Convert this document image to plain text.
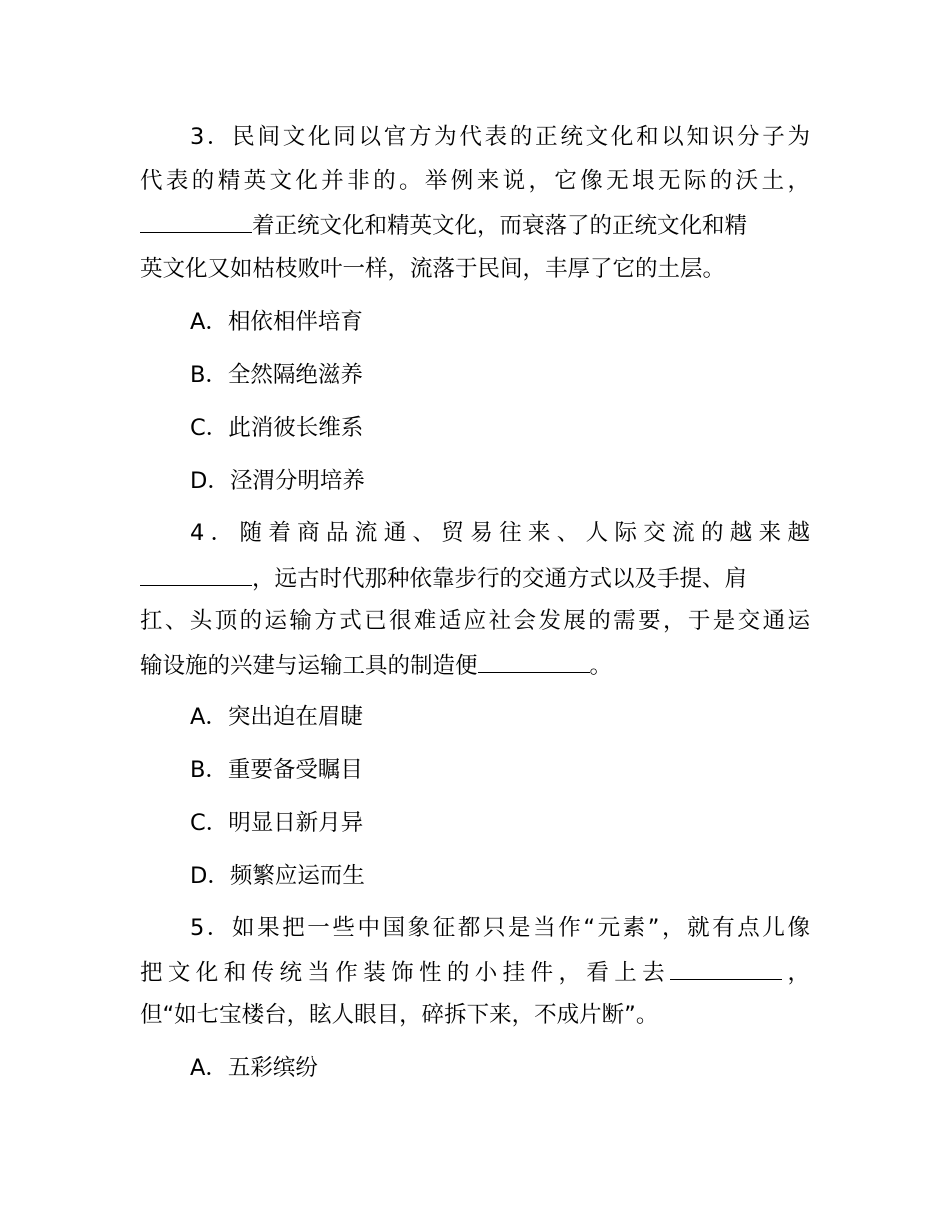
3．民间文化同以官方为代表的正统文化和以知识分子为
代表的精英文化并非的。举例来说，它像无垠无际的沃土，
着正统文化和精英文化，而衰落了的正统文化和精
英文化又如枯枝败叶一样，流落于民间，丰厚了它的土层。
A．相依相伴培育
B．全然隔绝滋养
C．此消彼长维系
D．泾渭分明培养
4．随着商品流通、贸易往来、人际交流的越来越
，远古时代那种依靠步行的交通方式以及手提、肩
扛、头顶的运输方式已很难适应社会发展的需要，于是交通运
输设施的兴建与运输工具的制造便	。
A．突出迫在眉睫
B．重要备受瞩目
C．明显日新月异
D．频繁应运而生
5．如果把一些中国象征都只是当作“元素”，就有点儿像
把文化和传统当作装饰性的小挂件，看上去	，
但“如七宝楼台，眩人眼目，碎拆下来，不成片断”。
A．五彩缤纷
